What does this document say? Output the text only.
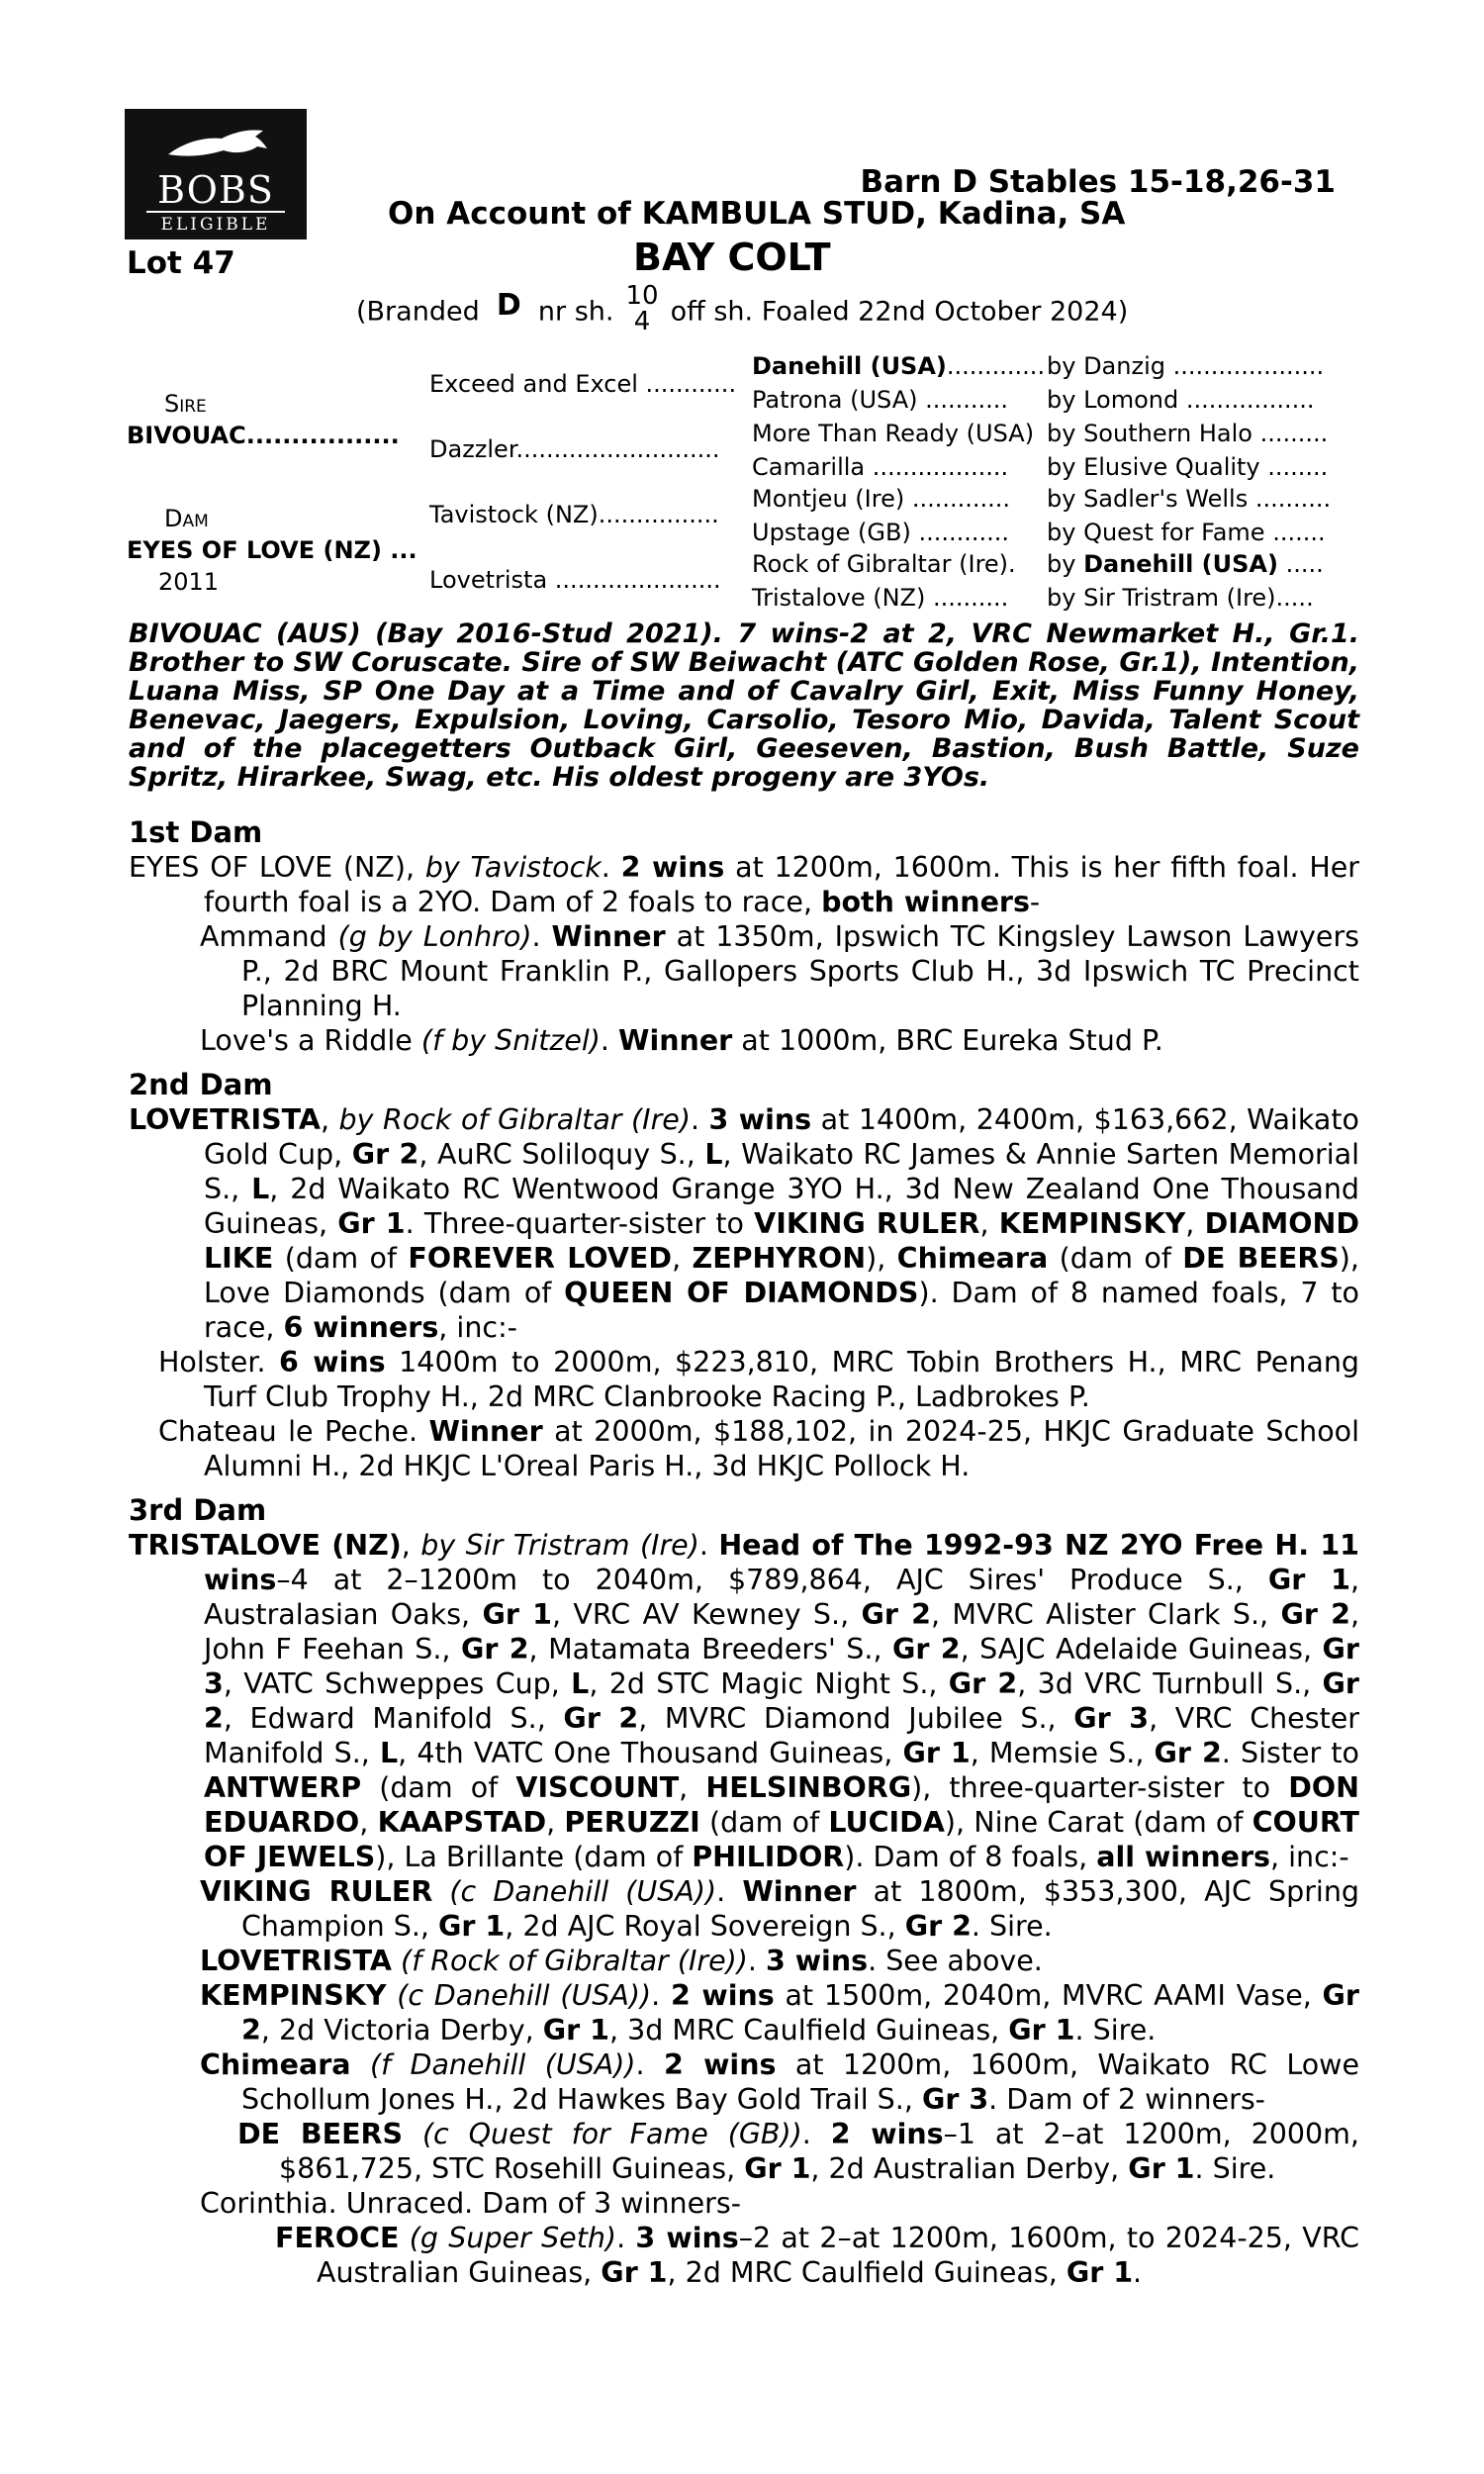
BOBS
ELIGIBLE
Barn D Stables 15-18,26-31
On Account of KAMBULA STUD, Kadina, SA
Lot 47	BAY COLT
(Branded D nr sh.
10
4 off sh. Foaled 22nd October 2024)
Sire
BIVOUAC.................
Dam
EYES OF LOVE (NZ) ...
2011
Exceed and Excel ............
Dazzler...........................
Tavistock (NZ)................
Lovetrista ......................
Danehill (USA).............
Patrona (USA) ...........
More Than Ready (USA)
Camarilla ..................
Montjeu (Ire) .............
Upstage (GB) ............
Rock of Gibraltar (Ire).
Tristalove (NZ) ..........
by Danzig ....................
by Lomond .................
by Southern Halo .........
by Elusive Quality ........
by Sadler's Wells ..........
by Quest for Fame .......
by Danehill (USA) .....
by Sir Tristram (Ire).....
BIVOUAC (AUS) (Bay 2016-Stud 2021). 7 wins-2 at 2, VRC Newmarket H., Gr.1. Brother to SW Coruscate. Sire of SW Beiwacht (ATC Golden Rose, Gr.1), Intention, Luana Miss, SP One Day at a Time and of Cavalry Girl, Exit, Miss Funny Honey, Benevac, Jaegers, Expulsion, Loving, Carsolio, Tesoro Mio, Davida, Talent Scout and of the placegetters Outback Girl, Geeseven, Bastion, Bush Battle, Suze Spritz, Hirarkee, Swag, etc. His oldest progeny are 3YOs.

1st Dam

EYES OF LOVE (NZ), by Tavistock. 2 wins at 1200m, 1600m. This is her fifth foal. Her fourth foal is a 2YO. Dam of 2 foals to race, both winners-

Ammand (g by Lonhro). Winner at 1350m, Ipswich TC Kingsley Lawson Lawyers P., 2d BRC Mount Franklin P., Gallopers Sports Club H., 3d Ipswich TC Precinct Planning H.

Love's a Riddle (f by Snitzel). Winner at 1000m, BRC Eureka Stud P.

2nd Dam

LOVETRISTA, by Rock of Gibraltar (Ire). 3 wins at 1400m, 2400m, $163,662, Waikato Gold Cup, Gr 2, AuRC Soliloquy S., L, Waikato RC James & Annie Sarten Memorial S., L, 2d Waikato RC Wentwood Grange 3YO H., 3d New Zealand One Thousand Guineas, Gr 1. Three-quarter-sister to VIKING RULER, KEMPINSKY, DIAMOND LIKE (dam of FOREVER LOVED, ZEPHYRON), Chimeara (dam of DE BEERS), Love Diamonds (dam of QUEEN OF DIAMONDS). Dam of 8 named foals, 7 to race, 6 winners, inc:-

Holster. 6 wins 1400m to 2000m, $223,810, MRC Tobin Brothers H., MRC Penang Turf Club Trophy H., 2d MRC Clanbrooke Racing P., Ladbrokes P.

Chateau le Peche. Winner at 2000m, $188,102, in 2024-25, HKJC Graduate School Alumni H., 2d HKJC L'Oreal Paris H., 3d HKJC Pollock H.

3rd Dam

TRISTALOVE (NZ), by Sir Tristram (Ire). Head of The 1992-93 NZ 2YO Free H. 11 wins–4 at 2–1200m to 2040m, $789,864, AJC Sires' Produce S., Gr 1, Australasian Oaks, Gr 1, VRC AV Kewney S., Gr 2, MVRC Alister Clark S., Gr 2, John F Feehan S., Gr 2, Matamata Breeders' S., Gr 2, SAJC Adelaide Guineas, Gr 3, VATC Schweppes Cup, L, 2d STC Magic Night S., Gr 2, 3d VRC Turnbull S., Gr 2, Edward Manifold S., Gr 2, MVRC Diamond Jubilee S., Gr 3, VRC Chester Manifold S., L, 4th VATC One Thousand Guineas, Gr 1, Memsie S., Gr 2. Sister to ANTWERP (dam of VISCOUNT, HELSINBORG), three-quarter-sister to DON EDUARDO, KAAPSTAD, PERUZZI (dam of LUCIDA), Nine Carat (dam of COURT OF JEWELS), La Brillante (dam of PHILIDOR). Dam of 8 foals, all winners, inc:-

VIKING RULER (c Danehill (USA)). Winner at 1800m, $353,300, AJC Spring Champion S., Gr 1, 2d AJC Royal Sovereign S., Gr 2. Sire.

LOVETRISTA (f Rock of Gibraltar (Ire)). 3 wins. See above.

KEMPINSKY (c Danehill (USA)). 2 wins at 1500m, 2040m, MVRC AAMI Vase, Gr 2, 2d Victoria Derby, Gr 1, 3d MRC Caulfield Guineas, Gr 1. Sire.

Chimeara (f Danehill (USA)). 2 wins at 1200m, 1600m, Waikato RC Lowe Schollum Jones H., 2d Hawkes Bay Gold Trail S., Gr 3. Dam of 2 winners-

DE BEERS (c Quest for Fame (GB)). 2 wins–1 at 2–at 1200m, 2000m, $861,725, STC Rosehill Guineas, Gr 1, 2d Australian Derby, Gr 1. Sire.

Corinthia. Unraced. Dam of 3 winners-

FEROCE (g Super Seth). 3 wins–2 at 2–at 1200m, 1600m, to 2024-25, VRC Australian Guineas, Gr 1, 2d MRC Caulfield Guineas, Gr 1.
